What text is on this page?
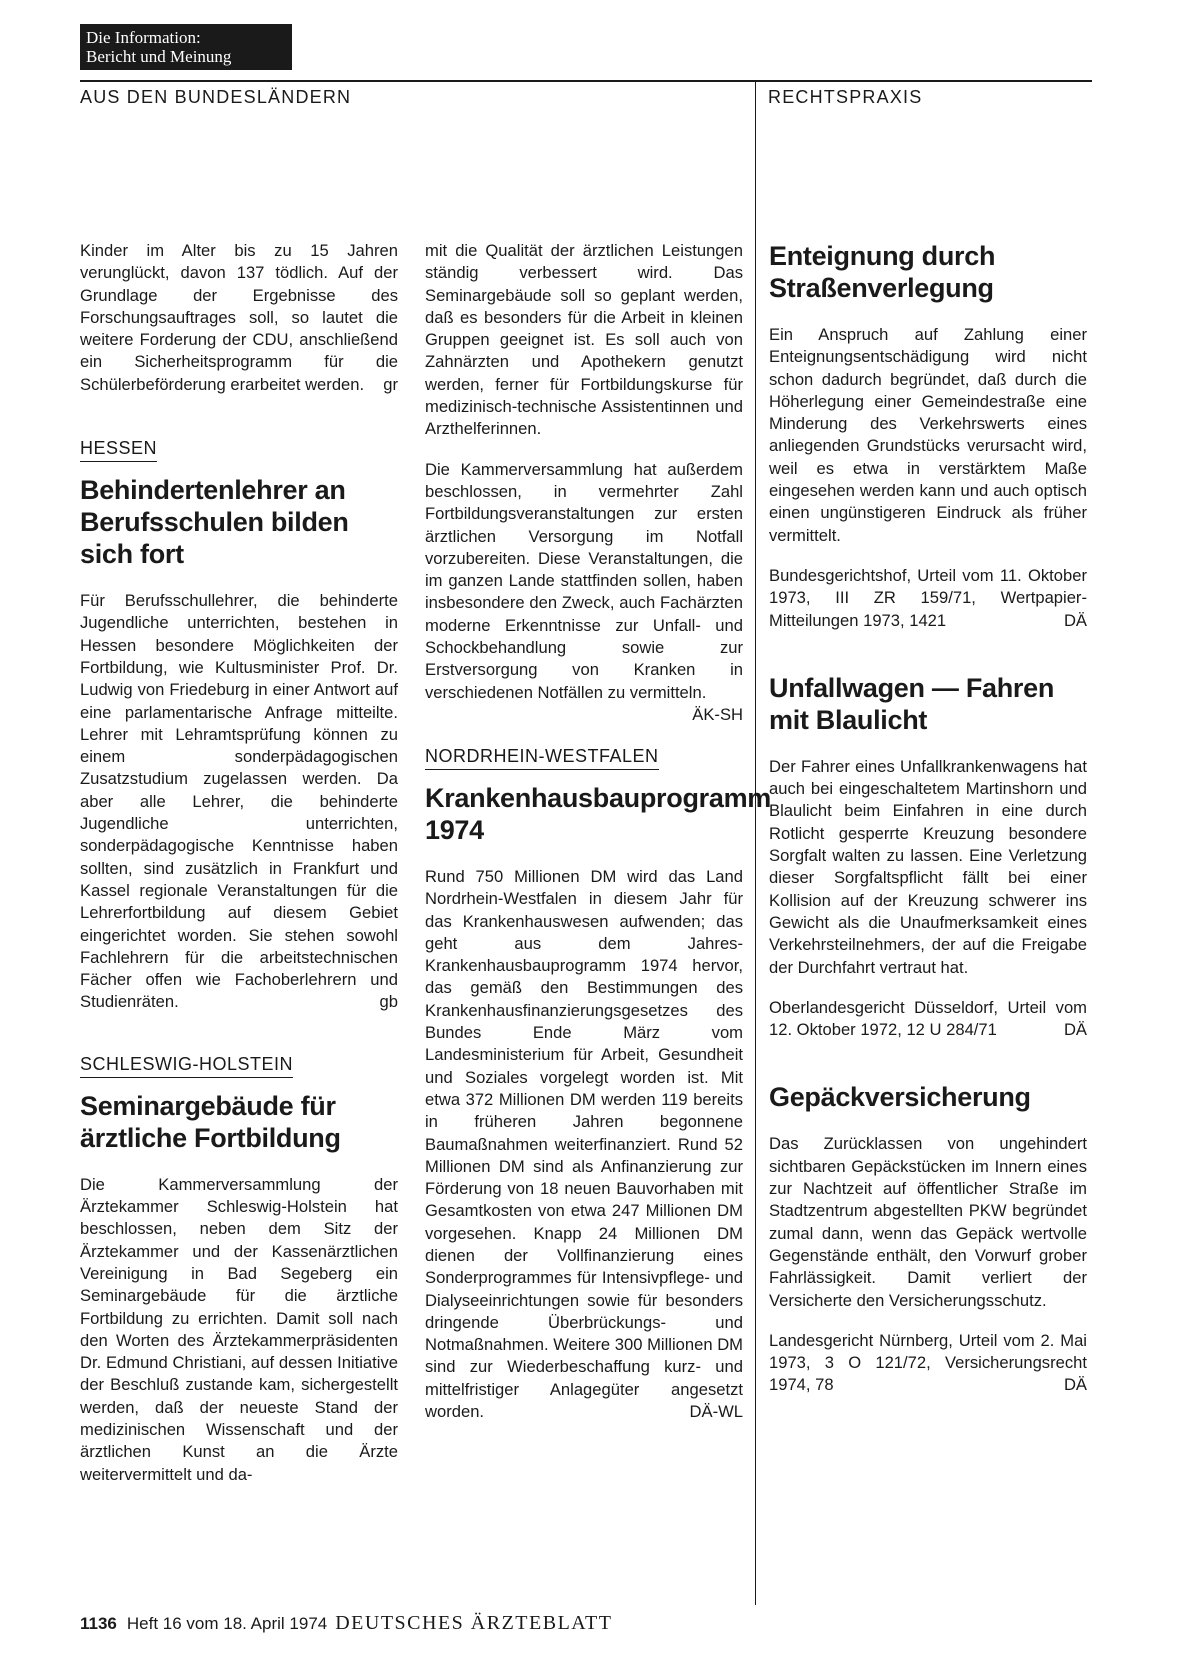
Die Information:
Bericht und Meinung
AUS DEN BUNDESLÄNDERN	RECHTSPRAXIS

Kinder im Alter bis zu 15 Jahren verunglückt, davon 137 tödlich. Auf der Grundlage der Ergebnisse des Forschungsauftrages soll, so lautet die weitere Forderung der CDU, anschließend ein Sicherheitsprogramm für die Schülerbeförderung erarbeitet werden.	gr

HESSEN
Behindertenlehrer an Berufsschulen bilden sich fort

Für Berufsschullehrer, die behinderte Jugendliche unterrichten, bestehen in Hessen besondere Möglichkeiten der Fortbildung, wie Kultusminister Prof. Dr. Ludwig von Friedeburg in einer Antwort auf eine parlamentarische Anfrage mitteilte. Lehrer mit Lehramtsprüfung können zu einem sonderpädagogischen Zusatzstudium zugelassen werden. Da aber alle Lehrer, die behinderte Jugendliche unterrichten, sonderpädagogische Kenntnisse haben sollten, sind zusätzlich in Frankfurt und Kassel regionale Veranstaltungen für die Lehrerfortbildung auf diesem Gebiet eingerichtet worden. Sie stehen sowohl Fachlehrern für die arbeitstechnischen Fächer offen wie Fachoberlehrern und Studienräten.	gb

SCHLESWIG-HOLSTEIN
Seminargebäude für ärztliche Fortbildung

Die Kammerversammlung der Ärztekammer Schleswig-Holstein hat beschlossen, neben dem Sitz der Ärztekammer und der Kassenärztlichen Vereinigung in Bad Segeberg ein Seminargebäude für die ärztliche Fortbildung zu errichten. Damit soll nach den Worten des Ärztekammerpräsidenten Dr. Edmund Christiani, auf dessen Initiative der Beschluß zustande kam, sichergestellt werden, daß der neueste Stand der medizinischen Wissenschaft und der ärztlichen Kunst an die Ärzte weitervermittelt und da-

mit die Qualität der ärztlichen Leistungen ständig verbessert wird. Das Seminargebäude soll so geplant werden, daß es besonders für die Arbeit in kleinen Gruppen geeignet ist. Es soll auch von Zahnärzten und Apothekern genutzt werden, ferner für Fortbildungskurse für medizinisch-technische Assistentinnen und Arzthelferinnen.

Die Kammerversammlung hat außerdem beschlossen, in vermehrter Zahl Fortbildungsveranstaltungen zur ersten ärztlichen Versorgung im Notfall vorzubereiten. Diese Veranstaltungen, die im ganzen Lande stattfinden sollen, haben insbesondere den Zweck, auch Fachärzten moderne Erkenntnisse zur Unfall- und Schockbehandlung sowie zur Erstversorgung von Kranken in verschiedenen Notfällen zu vermitteln.
ÄK-SH

NORDRHEIN-WESTFALEN
Krankenhausbauprogramm 1974

Rund 750 Millionen DM wird das Land Nordrhein-Westfalen in diesem Jahr für das Krankenhauswesen aufwenden; das geht aus dem Jahres-Krankenhausbauprogramm 1974 hervor, das gemäß den Bestimmungen des Krankenhausfinanzierungsgesetzes des Bundes Ende März vom Landesministerium für Arbeit, Gesundheit und Soziales vorgelegt worden ist. Mit etwa 372 Millionen DM werden 119 bereits in früheren Jahren begonnene Baumaßnahmen weiterfinanziert. Rund 52 Millionen DM sind als Anfinanzierung zur Förderung von 18 neuen Bauvorhaben mit Gesamtkosten von etwa 247 Millionen DM vorgesehen. Knapp 24 Millionen DM dienen der Vollfinanzierung eines Sonderprogrammes für Intensivpflege- und Dialyseeinrichtungen sowie für besonders dringende Überbrückungs- und Notmaßnahmen. Weitere 300 Millionen DM sind zur Wiederbeschaffung kurz- und mittelfristiger Anlagegüter angesetzt worden.	DÄ-WL

Enteignung durch Straßenverlegung

Ein Anspruch auf Zahlung einer Enteignungsentschädigung wird nicht schon dadurch begründet, daß durch die Höherlegung einer Gemeindestraße eine Minderung des Verkehrswerts eines anliegenden Grundstücks verursacht wird, weil es etwa in verstärktem Maße eingesehen werden kann und auch optisch einen ungünstigeren Eindruck als früher vermittelt.

Bundesgerichtshof, Urteil vom 11. Oktober 1973, III ZR 159/71, Wertpapier-Mitteilungen 1973, 1421	DÄ

Unfallwagen — Fahren mit Blaulicht

Der Fahrer eines Unfallkrankenwagens hat auch bei eingeschaltetem Martinshorn und Blaulicht beim Einfahren in eine durch Rotlicht gesperrte Kreuzung besondere Sorgfalt walten zu lassen. Eine Verletzung dieser Sorgfaltspflicht fällt bei einer Kollision auf der Kreuzung schwerer ins Gewicht als die Unaufmerksamkeit eines Verkehrsteilnehmers, der auf die Freigabe der Durchfahrt vertraut hat.

Oberlandesgericht Düsseldorf, Urteil vom 12. Oktober 1972, 12 U 284/71	DÄ

Gepäckversicherung

Das Zurücklassen von ungehindert sichtbaren Gepäckstücken im Innern eines zur Nachtzeit auf öffentlicher Straße im Stadtzentrum abgestellten PKW begründet zumal dann, wenn das Gepäck wertvolle Gegenstände enthält, den Vorwurf grober Fahrlässigkeit. Damit verliert der Versicherte den Versicherungsschutz.

Landesgericht Nürnberg, Urteil vom 2. Mai 1973, 3 O 121/72, Versicherungsrecht 1974, 78	DÄ

1136 Heft 16 vom 18. April 1974 DEUTSCHES ÄRZTEBLATT
